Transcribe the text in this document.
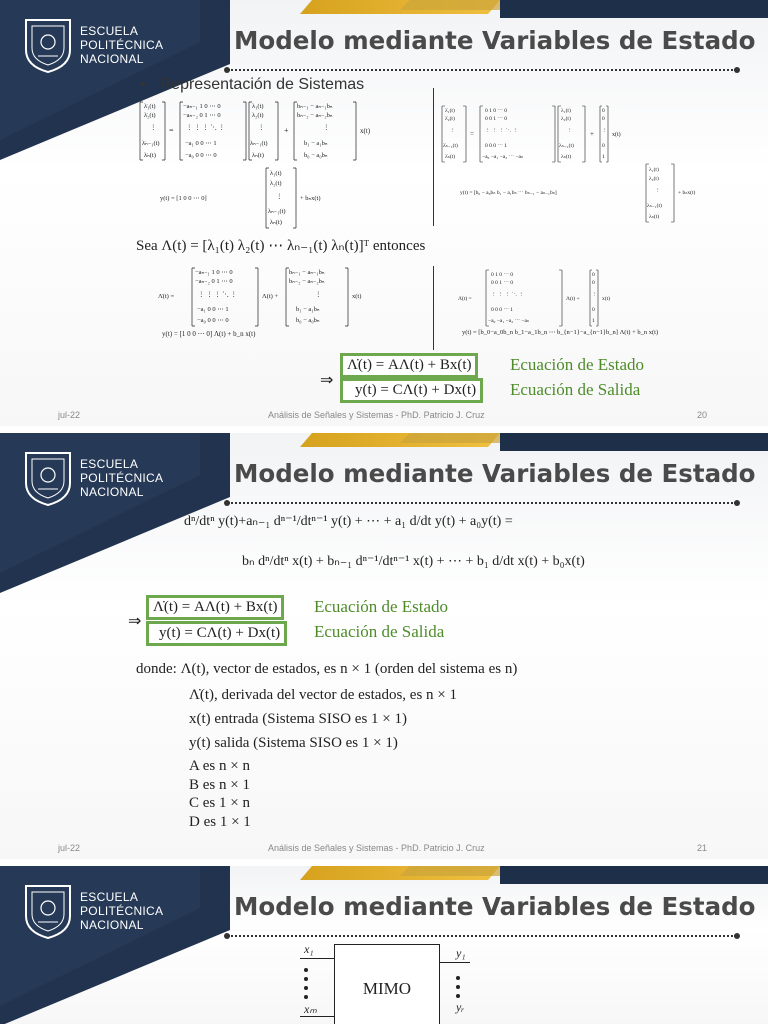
ESCUELA
POLITÉCNICA
NACIONAL
Modelo mediante Variables de Estado
• Representación de Sistemas
λ̇₁(t)
λ̇₂(t)
⋮
λ̇ₙ₋₁(t)
λ̇ₙ(t)
=
−aₙ₋₁ 1 0 ⋯ 0
−aₙ₋₂ 0 1 ⋯ 0
⋮ ⋮ ⋮ ⋱ ⋮
−a₁ 0 0 ⋯ 1
−a₀ 0 0 ⋯ 0
λ₁(t)
λ₂(t)
⋮
λₙ₋₁(t)
λₙ(t)
+
bₙ₋₁ − aₙ₋₁bₙ
bₙ₋₂ − aₙ₋₂bₙ
⋮
b₁ − a₁bₙ
b₀ − a₀bₙ
x(t)
y(t) = [1 0 0 ⋯ 0]
λ₁(t)
λ₂(t)
⋮
λₙ₋₁(t)
λₙ(t)
+ bₙx(t)
λ̇₁(t)
λ̇₂(t)
⋮
λ̇ₙ₋₁(t)
λ̇ₙ(t)
=
0 1 0 ⋯ 0
0 0 1 ⋯ 0
⋮ ⋮ ⋮ ⋱ ⋮
0 0 0 ⋯ 1
−a₀ −a₁ −a₂ ⋯ −aₙ
λ₁(t)
λ₂(t)
⋮
λₙ₋₁(t)
λₙ(t)
+
0
0
⋮
0
1
x(t)
y(t) = [b₀ − a₀bₙ b₁ − a₁bₙ ⋯ bₙ₋₁ − aₙ₋₁bₙ]
λ₁(t)
λ₂(t)
⋮
λₙ₋₁(t)
λₙ(t)
+ bₙx(t)
Sea Λ(t) = [λ₁(t) λ₂(t) ⋯ λₙ₋₁(t) λₙ(t)]ᵀ entonces
Λ̇(t) =
−aₙ₋₁ 1 0 ⋯ 0
−aₙ₋₂ 0 1 ⋯ 0
⋮ ⋮ ⋮ ⋱ ⋮
−a₁ 0 0 ⋯ 1
−a₀ 0 0 ⋯ 0
Λ(t) +
bₙ₋₁ − aₙ₋₁bₙ
bₙ₋₂ − aₙ₋₂bₙ
⋮
b₁ − a₁bₙ
b₀ − a₀bₙ
x(t)
y(t) = [1 0 0 ⋯ 0] Λ(t) + b_n x(t)
Λ̇(t) =
0 1 0 ⋯ 0
0 0 1 ⋯ 0
⋮ ⋮ ⋮ ⋱ ⋮
0 0 0 ⋯ 1
−a₀ −a₁ −a₂ ⋯ −aₙ
Λ(t) +
0
0
⋮
0
1
x(t)
y(t) = [b_0−a_0b_n b_1−a_1b_n ⋯ b_{n−1}−a_{n−1}b_n] Λ(t) + b_n x(t)
⇒
Λ̇(t) = AΛ(t) + Bx(t)	Ecuación de Estado
y(t) = CΛ(t) + Dx(t)	Ecuación de Salida
jul-22	Análisis de Señales y Sistemas - PhD. Patricio J. Cruz	20
ESCUELA
POLITÉCNICA
NACIONAL
Modelo mediante Variables de Estado
dⁿ/dtⁿ y(t)+aₙ₋₁ dⁿ⁻¹/dtⁿ⁻¹ y(t) + ⋯ + a₁ d/dt y(t) + a₀y(t) =
bₙ dⁿ/dtⁿ x(t) + bₙ₋₁ dⁿ⁻¹/dtⁿ⁻¹ x(t) + ⋯ + b₁ d/dt x(t) + b₀x(t)
⇒
Λ̇(t) = AΛ(t) + Bx(t)	Ecuación de Estado
y(t) = CΛ(t) + Dx(t)	Ecuación de Salida
donde: Λ(t), vector de estados, es n × 1 (orden del sistema es n)
Λ̇(t), derivada del vector de estados, es n × 1
x(t) entrada (Sistema SISO es 1 × 1)
y(t) salida (Sistema SISO es 1 × 1)
A es n × n
B es n × 1
C es 1 × n
D es 1 × 1
jul-22	Análisis de Señales y Sistemas - PhD. Patricio J. Cruz	21
ESCUELA
POLITÉCNICA
NACIONAL
Modelo mediante Variables de Estado
MIMO
x₁
xₘ
y₁
yᵣ
